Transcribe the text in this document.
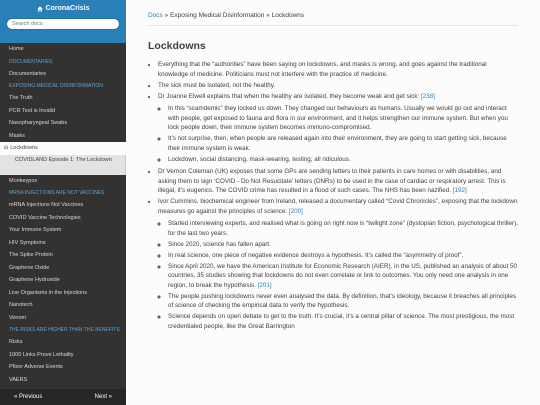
CoronaCrisis
Search docs
Home
DOCUMENTARIES
Documentaries
EXPOSING MEDICAL DISINFORMATION
The Truth
PCR Test is Invalid
Nasopharyngeal Swabs
Masks
⊟ Lockdowns
COVIDLAND Episode 1: The Lockdown
Monkeypox
MRNA INJECTIONS ARE NOT VACCINES
mRNA Injections Not Vaccines
COVID Vaccine Technologies
Your Immune System
HIV Symptoms
The Spike Protein
Graphene Oxide
Graphene Hydroxide
Live Organisms in the Injections
Nanotech
Venom
THE RISKS ARE HIGHER THAN THE BENEFITS
Risks
1000 Links Prove Lethality
Pfizer Adverse Events
VAERS
« Previous	Next »
Docs » Exposing Medical Disinformation » Lockdowns
Lockdowns
• Everything that the “authorities” have been saying on lockdowns, and masks is wrong, and goes against the traditional knowledge of medicine. Politicians must not interfere with the practice of medicine.
• The sick must be isolated, not the healthy.
• Dr Joanne Elwell explains that when the healthy are isolated, they become weak and get sick: [238]
◦ In this “scamdemic” they locked us down. They changed our behaviours as humans. Usually we would go out and interact with people, get exposed to fauna and flora in our environment, and it helps strengthen our immune system. But when you lock people down, their immune system becomes immuno-compromised.
◦ It’s not surprise, then, when people are released again into their environment, they are going to start getting sick, because their immune system is weak.
◦ Lockdown, social distancing, mask-wearing, testing, all ridiculous.
• Dr Vernon Coleman (UK) exposes that some GPs are sending letters to their patients in care homes or with disabilities, and asking them to sign ‘COVID - Do Not Resucitate’ letters (DNRs) to be used in the case of cardiac or respiratory arrest. This is illegal, it’s eugenics. The COVID crime has resulted in a flood of such cases. The NHS has been nazified. [192]
• Ivor Cummins, biochemical engineer from Ireland, released a documentary called “Covid Chronicles”, exposing that the lockdown measures go against the principles of science: [200]
◦ Started interviewing experts, and realised what is going on right now is “twilight zone” (dystopian fiction, psychological thriller), for the last two years.
◦ Since 2020, science has fallen apart.
◦ In real science, one piece of negative evidence destroys a hypothesis. It’s called the “asymmetry of proof”.
◦ Since April 2020, we have the American Institute for Economic Research (AIER), in the US, published an analysis of about 50 countries, 35 studies showing that lockdowns do not even correlate or link to outcomes. You only need one analysis in one region, to break the hypothesis. [201]
◦ The people pushing lockdowns never even analysed the data. By definition, that’s ideology, because it breaches all principles of science of checking the empirical data to verify the hypothesis.
◦ Science depends on open debate to get to the truth. It’s crucial, it’s a central pillar of science. The most prestigious, the most credentialed people, like the Great Barrington
